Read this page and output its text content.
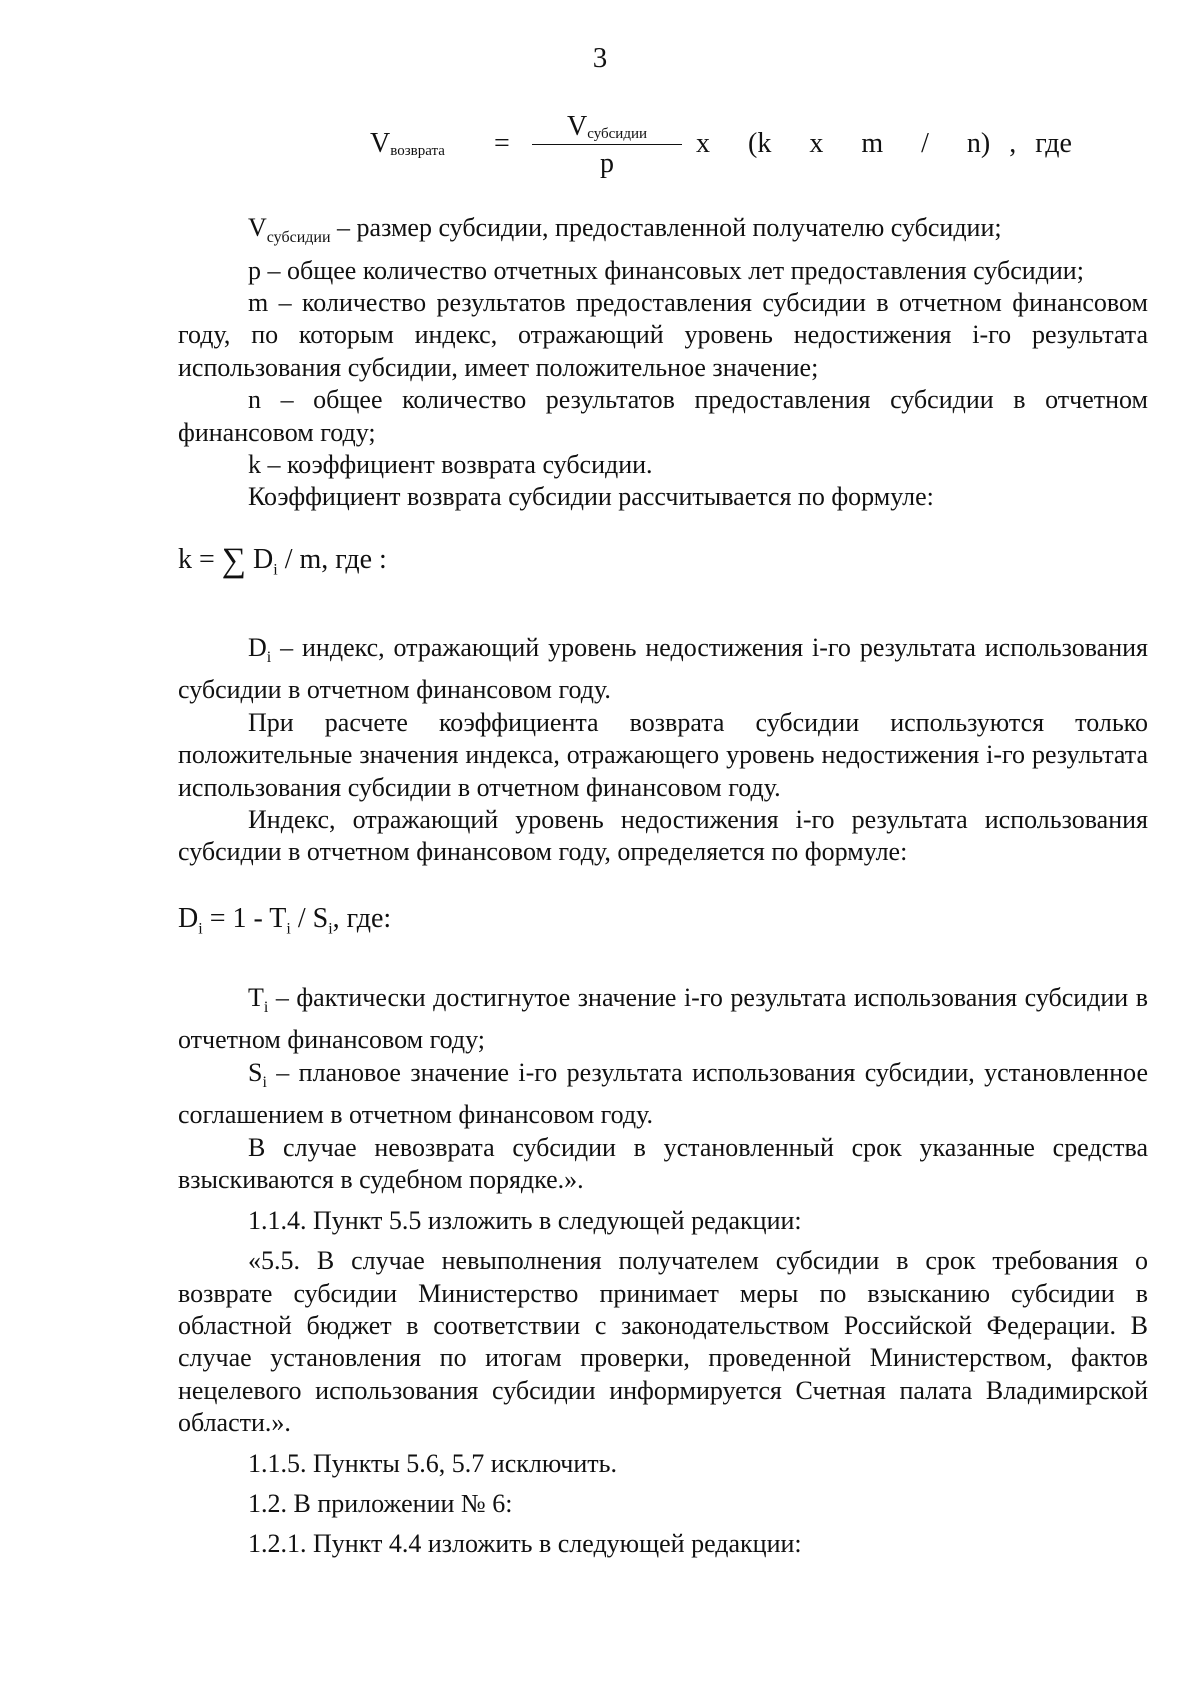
3
$V_{возврата}$ =
$V_{субсидии}$
p
x  (k  x  m  /  n) , где

$V_{субсидии}$ – размер субсидии, предоставленной получателю субсидии;

p – общее количество отчетных финансовых лет предоставления субсидии;

m – количество результатов предоставления субсидии в отчетном финансовом году, по которым индекс, отражающий уровень недостижения i-го результата использования субсидии, имеет положительное значение;

n – общее количество результатов предоставления субсидии в отчетном финансовом году;

k – коэффициент возврата субсидии.

Коэффициент возврата субсидии рассчитывается по формуле:

k = ∑ $D_i$ / m, где :

$D_i$ – индекс, отражающий уровень недостижения i-го результата использования субсидии в отчетном финансовом году.

При расчете коэффициента возврата субсидии используются только положительные значения индекса, отражающего уровень недостижения i-го результата использования субсидии в отчетном финансовом году.

Индекс, отражающий уровень недостижения i-го результата использования субсидии в отчетном финансовом году, определяется по формуле:

$D_i = 1 - T_i / S_i$, где:

$T_i$ – фактически достигнутое значение i-го результата использования субсидии в отчетном финансовом году;

$S_i$ – плановое значение i-го результата использования субсидии, установленное соглашением в отчетном финансовом году.

В случае невозврата субсидии в установленный срок указанные средства взыскиваются в судебном порядке.».

1.1.4. Пункт 5.5 изложить в следующей редакции:

«5.5. В случае невыполнения получателем субсидии в срок требования о возврате субсидии Министерство принимает меры по взысканию субсидии в областной бюджет в соответствии с законодательством Российской Федерации. В случае установления по итогам проверки, проведенной Министерством, фактов нецелевого использования субсидии информируется Счетная палата Владимирской области.».

1.1.5. Пункты 5.6, 5.7 исключить.

1.2. В приложении № 6:

1.2.1. Пункт 4.4 изложить в следующей редакции:
